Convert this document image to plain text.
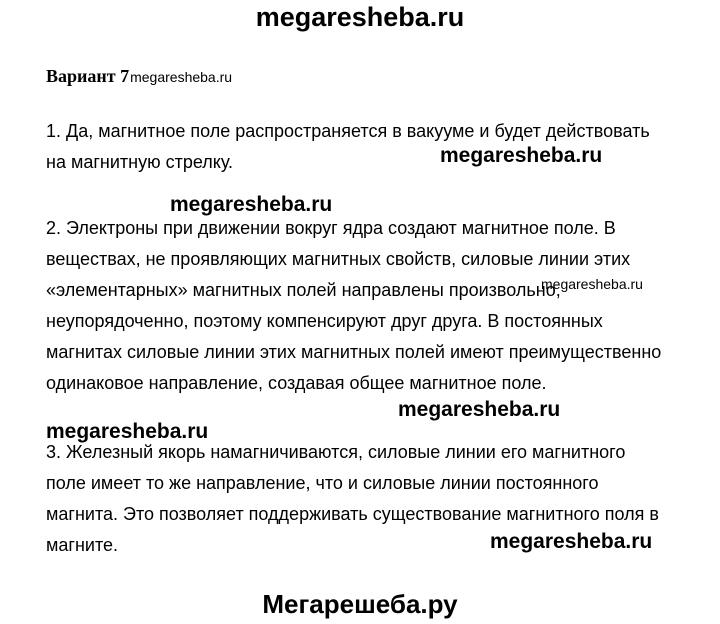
megaresheba.ru
Вариант 7megaresheba.ru
1. Да, магнитное поле распространяется в вакууме и будет действовать
на магнитную стрелку.	megaresheba.ru
megaresheba.ru
2. Электроны при движении вокруг ядра создают магнитное поле. В
веществах, не проявляющих магнитных свойств, силовые линии этих
«элементарных» магнитных полей направлены произвольно,
неупорядоченно, поэтому компенсируют друг друга. В постоянных
магнитах силовые линии этих магнитных полей имеют преимущественно
одинаковое направление, создавая общее магнитное поле.
megaresheba.ru
megaresheba.ru
megaresheba.ru
3. Железный якорь намагничиваются, силовые линии его магнитного
поле имеет то же направление, что и силовые линии постоянного
магнита. Это позволяет поддерживать существование магнитного поля в
магните.	megaresheba.ru
Мегарешеба.ру
